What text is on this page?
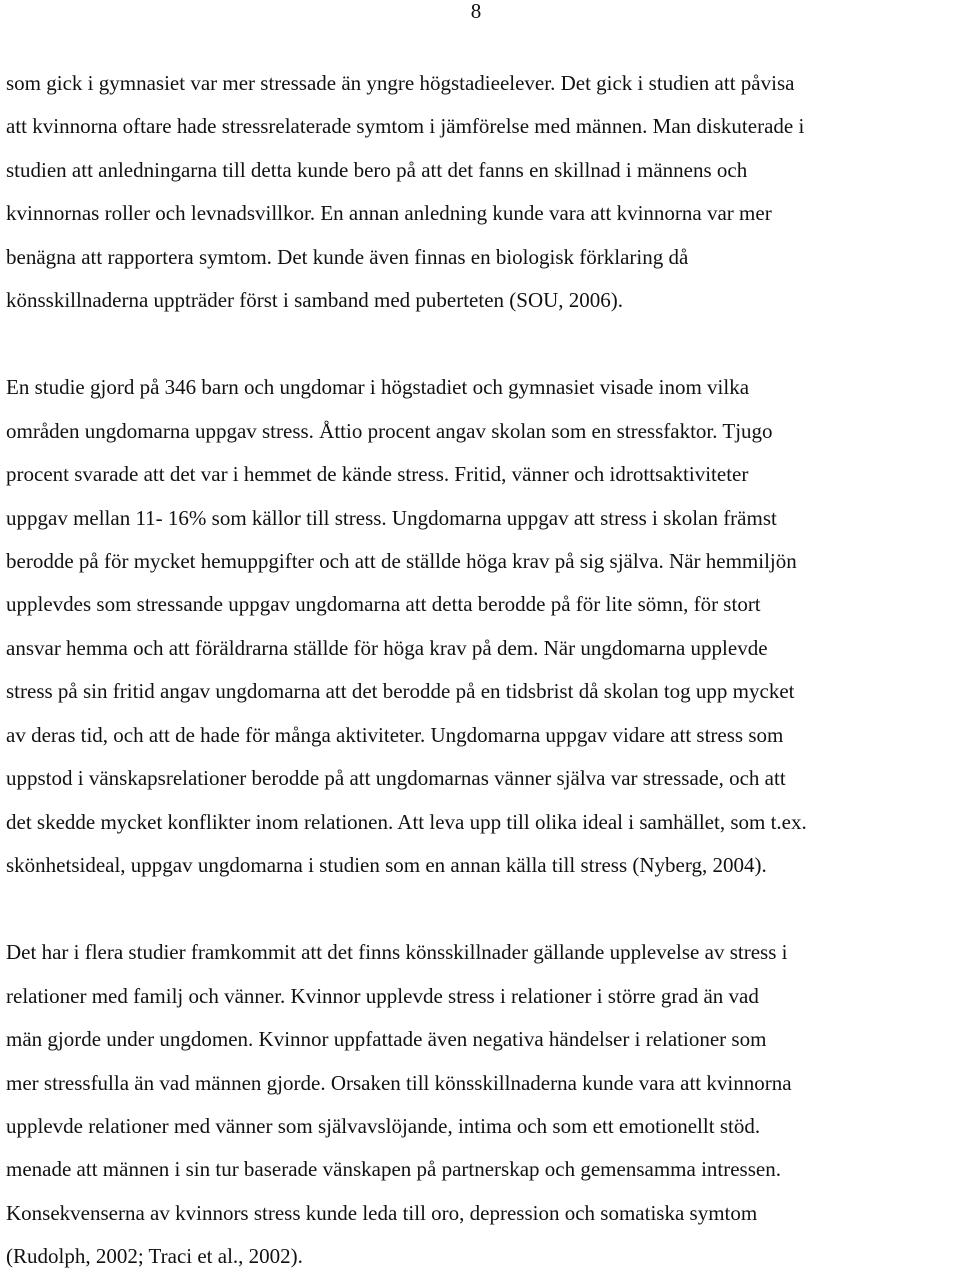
8

som gick i gymnasiet var mer stressade än yngre högstadieelever. Det gick i studien att påvisa
att kvinnorna oftare hade stressrelaterade symtom i jämförelse med männen. Man diskuterade i
studien att anledningarna till detta kunde bero på att det fanns en skillnad i männens och
kvinnornas roller och levnadsvillkor. En annan anledning kunde vara att kvinnorna var mer
benägna att rapportera symtom. Det kunde även finnas en biologisk förklaring då
könsskillnaderna uppträder först i samband med puberteten (SOU, 2006).

En studie gjord på 346 barn och ungdomar i högstadiet och gymnasiet visade inom vilka
områden ungdomarna uppgav stress. Åttio procent angav skolan som en stressfaktor. Tjugo
procent svarade att det var i hemmet de kände stress. Fritid, vänner och idrottsaktiviteter
uppgav mellan 11- 16% som källor till stress. Ungdomarna uppgav att stress i skolan främst
berodde på för mycket hemuppgifter och att de ställde höga krav på sig själva. När hemmiljön
upplevdes som stressande uppgav ungdomarna att detta berodde på för lite sömn, för stort
ansvar hemma och att föräldrarna ställde för höga krav på dem. När ungdomarna upplevde
stress på sin fritid angav ungdomarna att det berodde på en tidsbrist då skolan tog upp mycket
av deras tid, och att de hade för många aktiviteter. Ungdomarna uppgav vidare att stress som
uppstod i vänskapsrelationer berodde på att ungdomarnas vänner själva var stressade, och att
det skedde mycket konflikter inom relationen. Att leva upp till olika ideal i samhället, som t.ex.
skönhetsideal, uppgav ungdomarna i studien som en annan källa till stress (Nyberg, 2004).

Det har i flera studier framkommit att det finns könsskillnader gällande upplevelse av stress i
relationer med familj och vänner. Kvinnor upplevde stress i relationer i större grad än vad
män gjorde under ungdomen. Kvinnor uppfattade även negativa händelser i relationer som
mer stressfulla än vad männen gjorde. Orsaken till könsskillnaderna kunde vara att kvinnorna
upplevde relationer med vänner som självavslöjande, intima och som ett emotionellt stöd.
menade att männen i sin tur baserade vänskapen på partnerskap och gemensamma intressen.
Konsekvenserna av kvinnors stress kunde leda till oro, depression och somatiska symtom
(Rudolph, 2002; Traci et al., 2002).
